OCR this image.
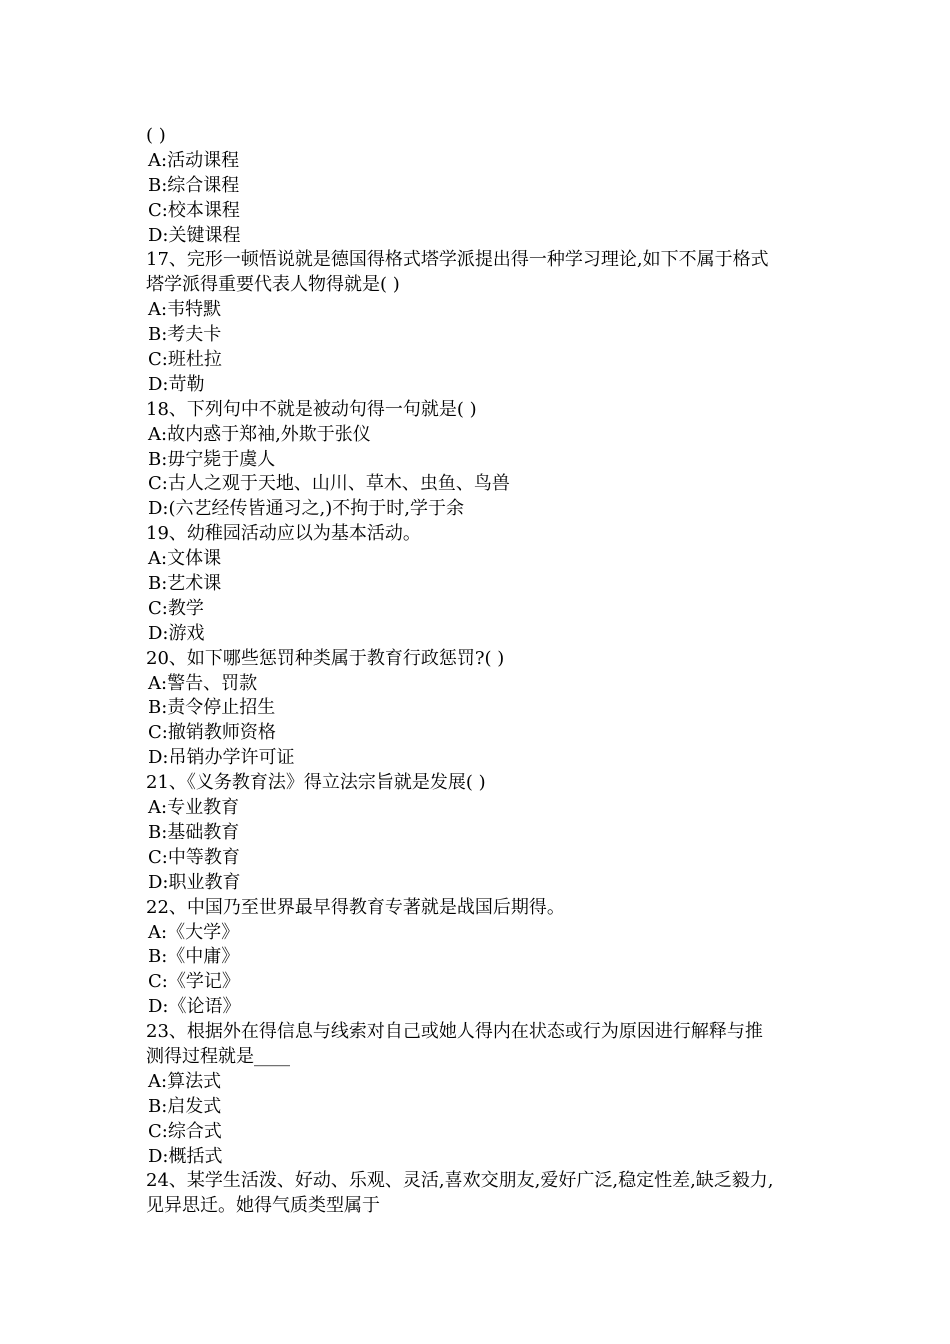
( )
A:活动课程
B:综合课程
C:校本课程
D:关键课程
17、完形一顿悟说就是德国得格式塔学派提出得一种学习理论,如下不属于格式
塔学派得重要代表人物得就是( )
A:韦特默
B:考夫卡
C:班杜拉
D:苛勒
18、下列句中不就是被动句得一句就是( )
A:故内惑于郑袖,外欺于张仪
B:毋宁毙于虞人
C:古人之观于天地、山川、草木、虫鱼、鸟兽
D:(六艺经传皆通习之,)不拘于时,学于余
19、幼稚园活动应以为基本活动。
A:文体课
B:艺术课
C:教学
D:游戏
20、如下哪些惩罚种类属于教育行政惩罚?( )
A:警告、罚款
B:责令停止招生
C:撤销教师资格
D:吊销办学许可证
21、《义务教育法》得立法宗旨就是发展( )
A:专业教育
B:基础教育
C:中等教育
D:职业教育
22、中国乃至世界最早得教育专著就是战国后期得。
A:《大学》
B:《中庸》
C:《学记》
D:《论语》
23、根据外在得信息与线索对自己或她人得内在状态或行为原因进行解释与推
测得过程就是____
A:算法式
B:启发式
C:综合式
D:概括式
24、某学生活泼、好动、乐观、灵活,喜欢交朋友,爱好广泛,稳定性差,缺乏毅力,
见异思迁。她得气质类型属于
